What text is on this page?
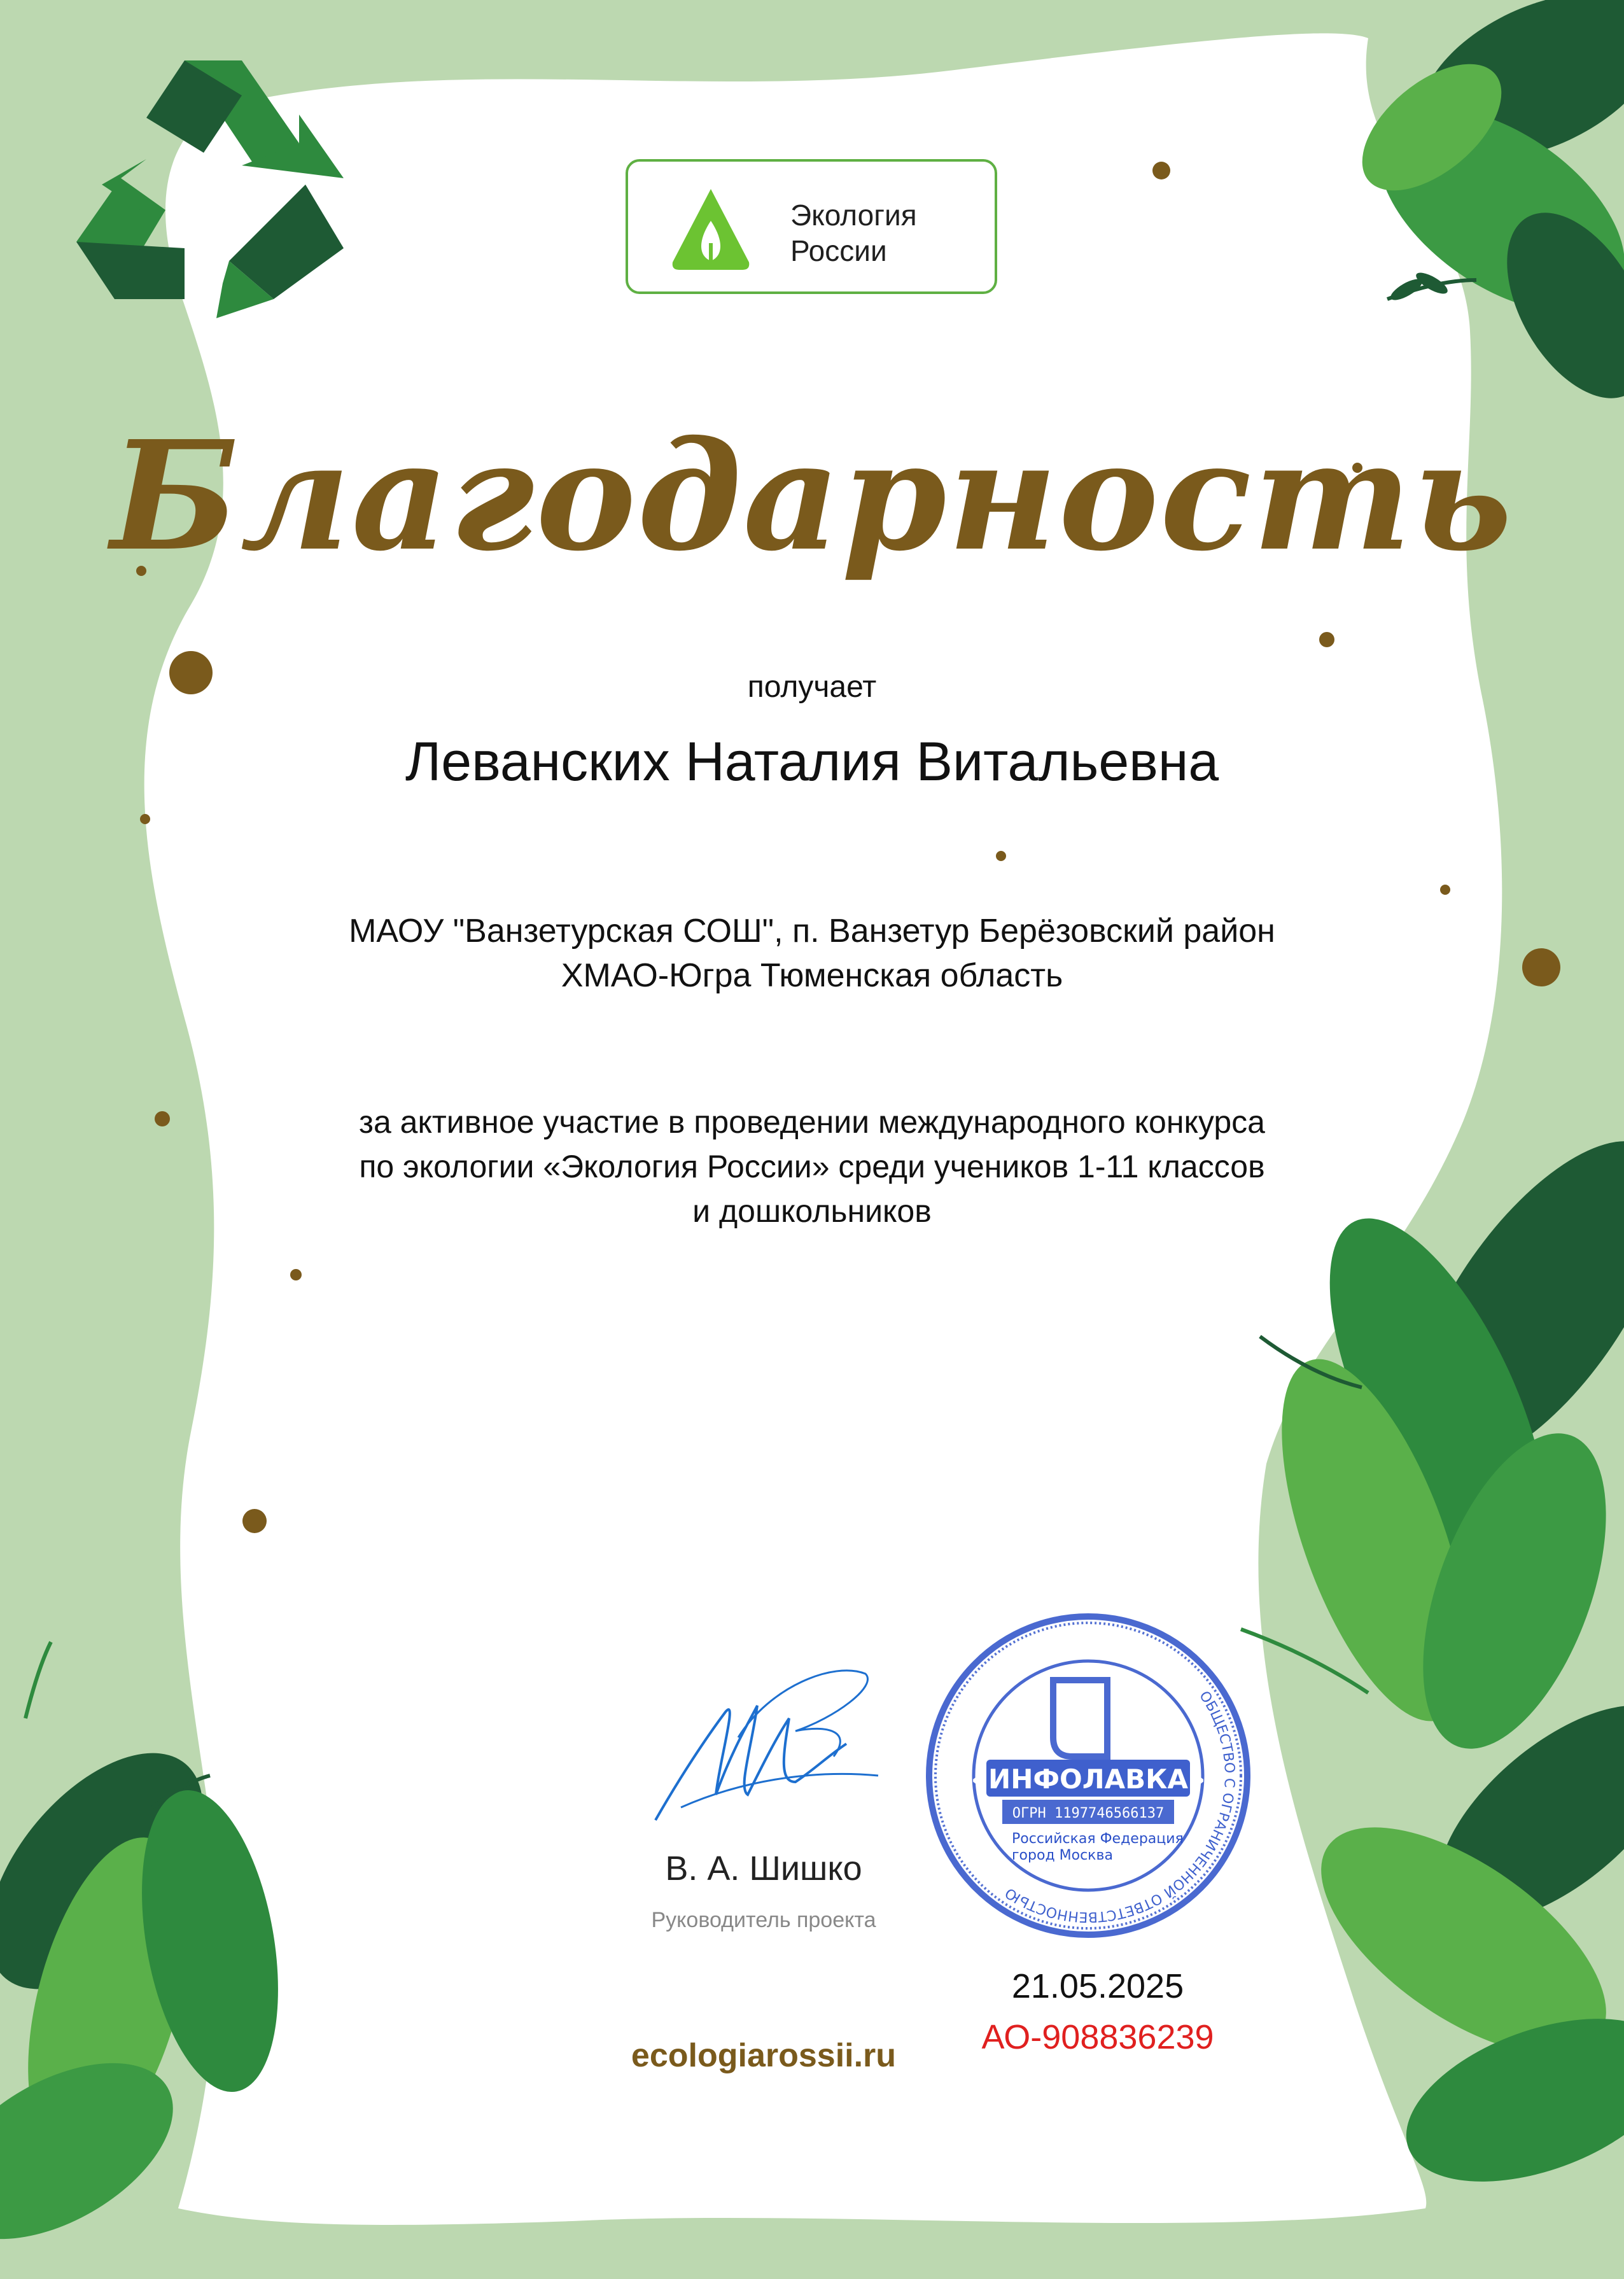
Экология
России
Благодарность
получает
Леванских Наталия Витальевна
МАОУ "Ванзетурская СОШ", п. Ванзетур Берёзовский район
ХМАО-Югра Тюменская область
за активное участие в проведении международного конкурса
по экологии «Экология России» среди учеников 1-11 классов
и дошкольников
В. А. Шишко
Руководитель проекта
ОБЩЕСТВО С ОГРАНИЧЕННОЙ ОТВЕТСТВЕННОСТЬЮ
«ИНФОЛАВКА»
ОГРН 1197746566137
Российская Федерация
город Москва
21.05.2025
АО-908836239
ecologiarossii.ru
